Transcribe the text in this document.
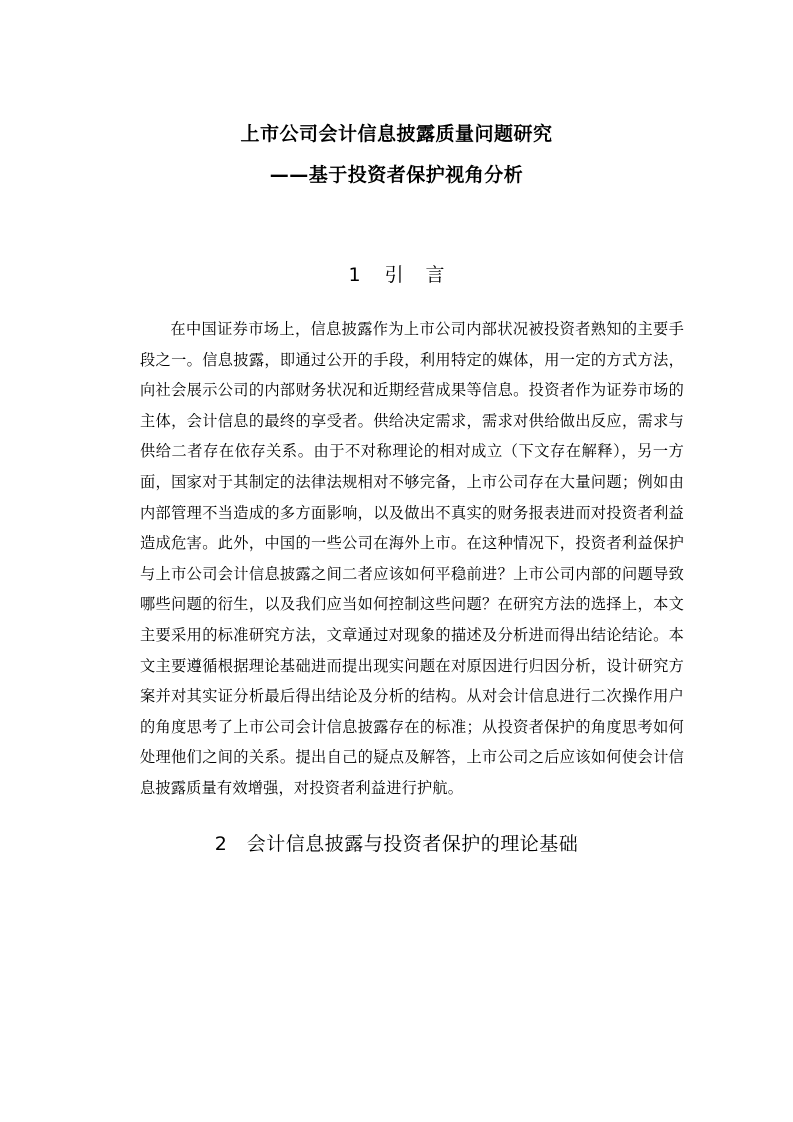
上市公司会计信息披露质量问题研究
——基于投资者保护视角分析
1 引言

在中国证券市场上，信息披露作为上市公司内部状况被投资者熟知的主要手段之一。信息披露，即通过公开的手段，利用特定的媒体，用一定的方式方法，向社会展示公司的内部财务状况和近期经营成果等信息。投资者作为证券市场的主体，会计信息的最终的享受者。供给决定需求，需求对供给做出反应，需求与供给二者存在依存关系。由于不对称理论的相对成立（下文存在解释），另一方面，国家对于其制定的法律法规相对不够完备，上市公司存在大量问题；例如由内部管理不当造成的多方面影响，以及做出不真实的财务报表进而对投资者利益造成危害。此外，中国的一些公司在海外上市。在这种情况下，投资者利益保护与上市公司会计信息披露之间二者应该如何平稳前进？上市公司内部的问题导致哪些问题的衍生，以及我们应当如何控制这些问题？在研究方法的选择上，本文主要采用的标准研究方法，文章通过对现象的描述及分析进而得出结论结论。本文主要遵循根据理论基础进而提出现实问题在对原因进行归因分析，设计研究方案并对其实证分析最后得出结论及分析的结构。从对会计信息进行二次操作用户的角度思考了上市公司会计信息披露存在的标准；从投资者保护的角度思考如何处理他们之间的关系。提出自己的疑点及解答，上市公司之后应该如何使会计信息披露质量有效增强，对投资者利益进行护航。

2 会计信息披露与投资者保护的理论基础
